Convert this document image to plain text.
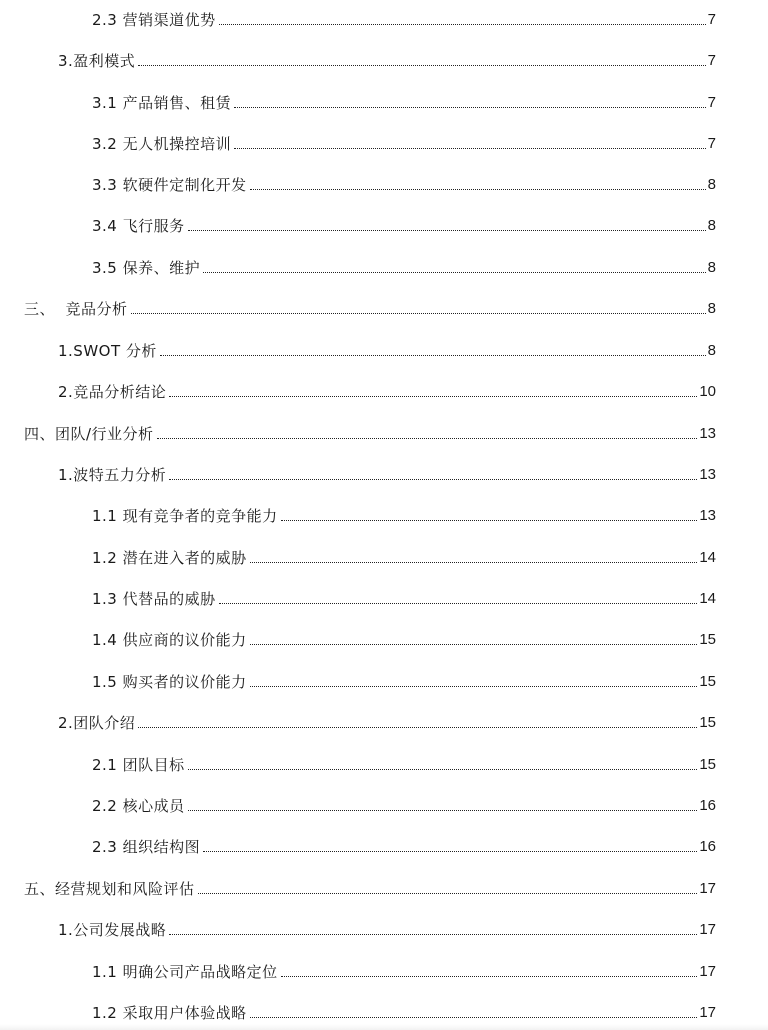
2.3 营销渠道优势	7
3.盈利模式	7
3.1 产品销售、租赁	7
3.2 无人机操控培训	7
3.3 软硬件定制化开发	8
3.4 飞行服务	8
3.5 保养、维护	8
三、  竞品分析	8
1.SWOT 分析	8
2.竞品分析结论	10
四、团队/行业分析	13
1.波特五力分析	13
1.1 现有竞争者的竞争能力	13
1.2 潜在进入者的威胁	14
1.3 代替品的威胁	14
1.4 供应商的议价能力	15
1.5 购买者的议价能力	15
2.团队介绍	15
2.1 团队目标	15
2.2 核心成员	16
2.3 组织结构图	16
五、经营规划和风险评估	17
1.公司发展战略	17
1.1 明确公司产品战略定位	17
1.2 采取用户体验战略	17
